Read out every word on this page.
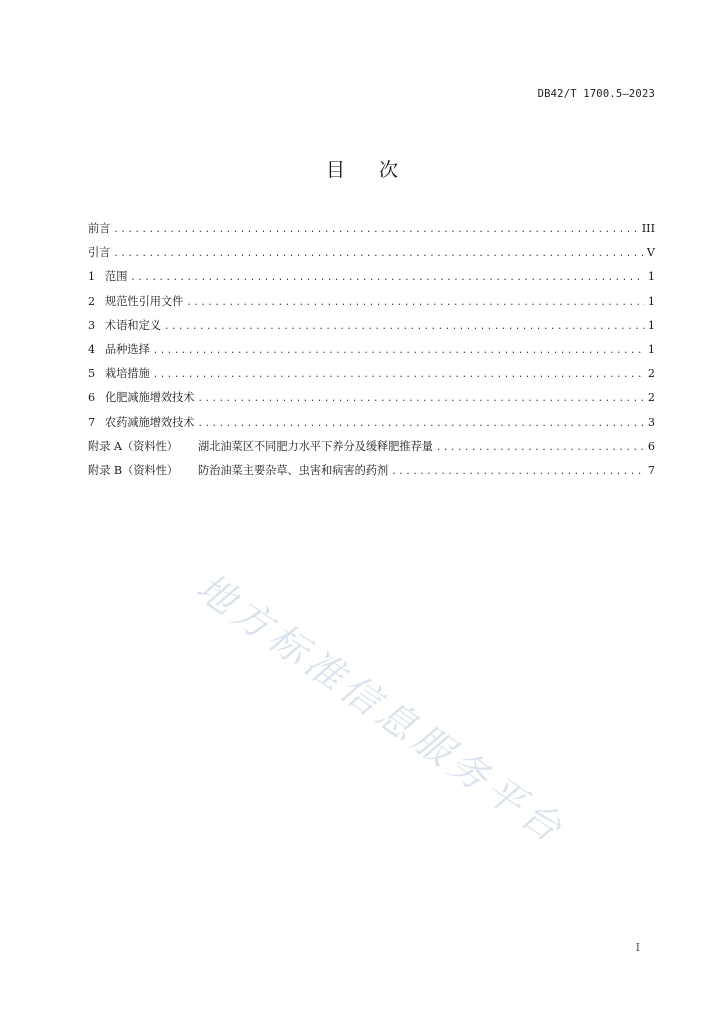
DB42/T 1700.5—2023
目 次
前言 .....	III
引言 .....	V
1 范围 .....	1
2 规范性引用文件 .....	1
3 术语和定义 .....	1
4 品种选择 .....	1
5 栽培措施 .....	2
6 化肥减施增效技术 .....	2
7 农药减施增效技术 .....	3
附录 A（资料性）	湖北油菜区不同肥力水平下养分及缓释肥推荐量 .....	6
附录 B（资料性）	防治油菜主要杂草、虫害和病害的药剂 .....	7
地方标准信息服务平台
I
